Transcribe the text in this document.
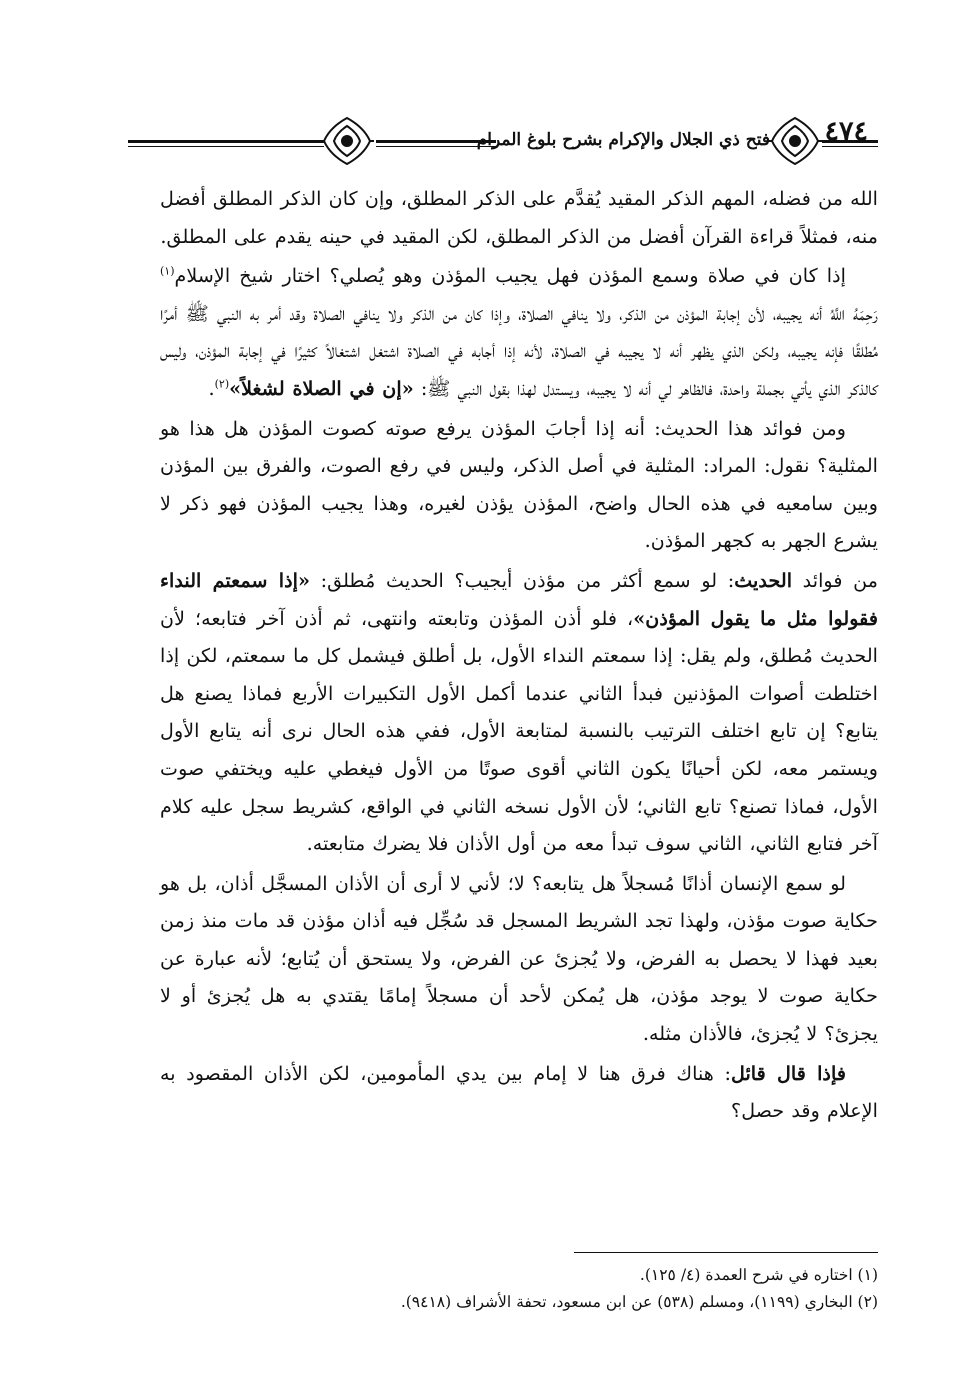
فتح ذي الجلال والإكرام بشرح بلوغ المرام ٤٧٤

الله من فضله، المهم الذكر المقيد يُقدَّم على الذكر المطلق، وإن كان الذكر المطلق أفضل منه، فمثلاً قراءة القرآن أفضل من الذكر المطلق، لكن المقيد في حينه يقدم على المطلق.

إذا كان في صلاة وسمع المؤذن فهل يجيب المؤذن وهو يُصلي؟ اختار شيخ الإسلام$^{(١)}$ رَحِمَهُ اللَّهُ أنه يجيبه، لأن إجابة المؤذن من الذكر، ولا ينافي الصلاة، وإذا كان من الذكر ولا ينافي الصلاة وقد أمر به النبي ﷺ أمرًا مُطلقًا فإنه يجيبه، ولكن الذي يظهر أنه لا يجيبه في الصلاة، لأنه إذا أجابه في الصلاة اشتغل اشتغالاً كثيرًا في إجابة المؤذن، وليس كالذكر الذي يأتي بجملة واحدة، فالظاهر لي أنه لا يجيبه، ويستدل لهذا بقول النبي ﷺ: «إن في الصلاة لشغلاً»$^{(٢)}$.

ومن فوائد هذا الحديث: أنه إذا أجابَ المؤذن يرفع صوته كصوت المؤذن هل هذا هو المثلية؟ نقول: المراد: المثلية في أصل الذكر، وليس في رفع الصوت، والفرق بين المؤذن وبين سامعيه في هذه الحال واضح، المؤذن يؤذن لغيره، وهذا يجيب المؤذن فهو ذكر لا يشرع الجهر به كجهر المؤذن.

من فوائد الحديث: لو سمع أكثر من مؤذن أيجيب؟ الحديث مُطلق: «إذا سمعتم النداء فقولوا مثل ما يقول المؤذن»، فلو أذن المؤذن وتابعته وانتهى، ثم أذن آخر فتابعه؛ لأن الحديث مُطلق، ولم يقل: إذا سمعتم النداء الأول، بل أطلق فيشمل كل ما سمعتم، لكن إذا اختلطت أصوات المؤذنين فبدأ الثاني عندما أكمل الأول التكبيرات الأربع فماذا يصنع هل يتابع؟ إن تابع اختلف الترتيب بالنسبة لمتابعة الأول، ففي هذه الحال نرى أنه يتابع الأول ويستمر معه، لكن أحيانًا يكون الثاني أقوى صوتًا من الأول فيغطي عليه ويختفي صوت الأول، فماذا تصنع؟ تابع الثاني؛ لأن الأول نسخه الثاني في الواقع، كشريط سجل عليه كلام آخر فتابع الثاني، الثاني سوف تبدأ معه من أول الأذان فلا يضرك متابعته.

لو سمع الإنسان أذانًا مُسجلاً هل يتابعه؟ لا؛ لأني لا أرى أن الأذان المسجَّل أذان، بل هو حكاية صوت مؤذن، ولهذا تجد الشريط المسجل قد سُجِّل فيه أذان مؤذن قد مات منذ زمن بعيد فهذا لا يحصل به الفرض، ولا يُجزئ عن الفرض، ولا يستحق أن يُتابع؛ لأنه عبارة عن حكاية صوت لا يوجد مؤذن، هل يُمكن لأحد أن مسجلاً إمامًا يقتدي به هل يُجزئ أو لا يجزئ؟ لا يُجزئ، فالأذان مثله.

فإذا قال قائل: هناك فرق هنا لا إمام بين يدي المأمومين، لكن الأذان المقصود به الإعلام وقد حصل؟

(١) اختاره في شرح العمدة (٤/ ١٢٥).

(٢) البخاري (١١٩٩)، ومسلم (٥٣٨) عن ابن مسعود، تحفة الأشراف (٩٤١٨).
